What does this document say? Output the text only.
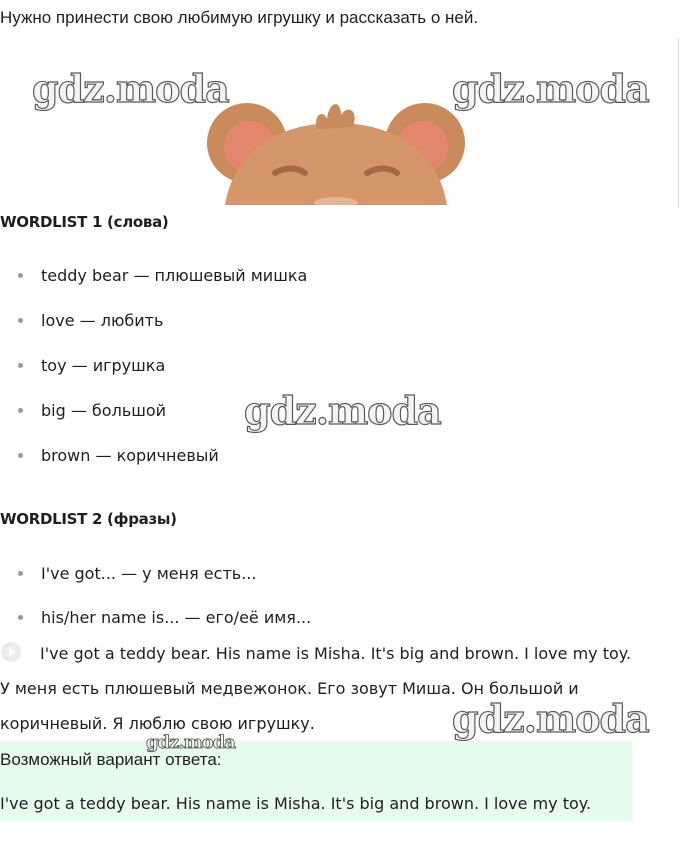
Нужно принести свою любимую игрушку и рассказать о ней.
gdz.moda	gdz.moda
gdz.moda
gdz.moda
WORDLIST 1 (слова)
teddy bear — плюшевый мишка
love — любить
toy — игрушка
big — большой
brown — коричневый
WORDLIST 2 (фразы)
I've got... — у меня есть...
his/her name is... — его/её имя...
I've got a teddy bear. His name is Misha. It's big and brown. I love my toy.
У меня есть плюшевый медвежонок. Его зовут Миша. Он большой и
коричневый. Я люблю свою игрушку.
Возможный вариант ответа:
I've got a teddy bear. His name is Misha. It's big and brown. I love my toy.
gdz.moda
